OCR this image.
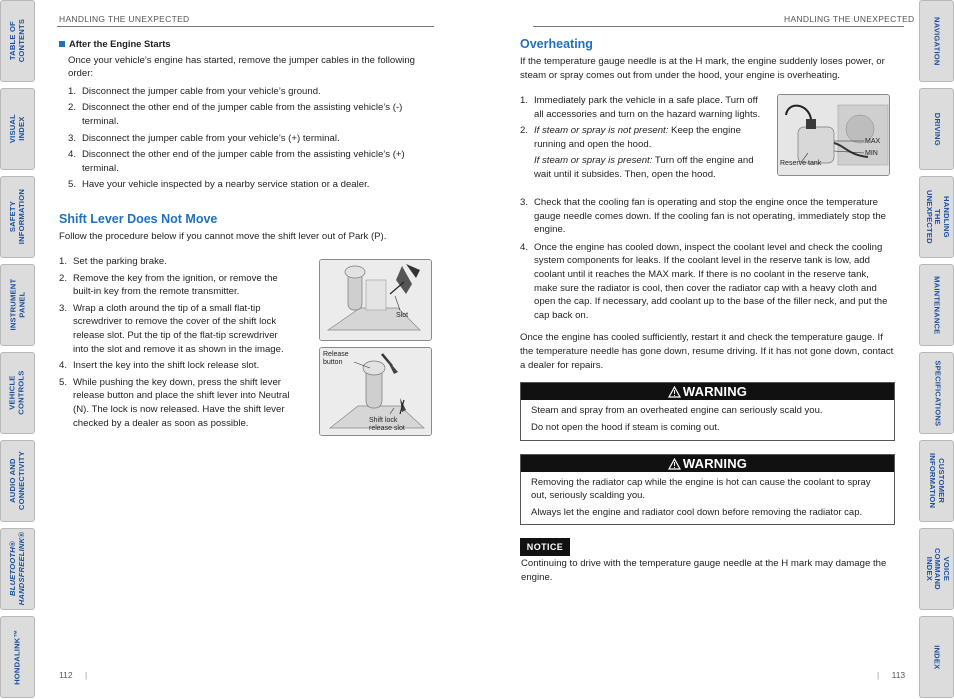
TABLE OF CONTENTS
VISUAL INDEX
SAFETY
INFORMATION
INSTRUMENT PANEL
VEHICLE
CONTROLS
AUDIO AND
CONNECTIVITY
BLUETOOTH®
HANDSFREELINK®
HONDALINK™
NAVIGATION
DRIVING
HANDLING THE
UNEXPECTED
MAINTENANCE
SPECIFICATIONS
CUSTOMER
INFORMATION
VOICE COMMAND
INDEX
INDEX
HANDLING THE UNEXPECTED
After the Engine Starts

Once your vehicle’s engine has started, remove the jumper cables in the following order:

1. Disconnect the jumper cable from your vehicle’s ground.
2. Disconnect the other end of the jumper cable from the assisting vehicle’s (-) terminal.
3. Disconnect the jumper cable from your vehicle’s (+) terminal.
4. Disconnect the other end of the jumper cable from the assisting vehicle’s (+) terminal.
5. Have your vehicle inspected by a nearby service station or a dealer.
Shift Lever Does Not Move

Follow the procedure below if you cannot move the shift lever out of Park (P).

1. Set the parking brake.
2. Remove the key from the ignition, or remove the built-in key from the remote transmitter.
3. Wrap a cloth around the tip of a small flat-tip screwdriver to remove the cover of the shift lock release slot. Put the tip of the flat-tip screwdriver into the slot and remove it as shown in the image.
4. Insert the key into the shift lock release slot.
5. While pushing the key down, press the shift lever release button and place the shift lever into Neutral (N). The lock is now released. Have the shift lever checked by a dealer as soon as possible.
Slot
Release
button
Shift lock
release slot
112 |
HANDLING THE UNEXPECTED
Overheating

If the temperature gauge needle is at the H mark, the engine suddenly loses power, or steam or spray comes out from under the hood, your engine is overheating.

1. Immediately park the vehicle in a safe place. Turn off all accessories and turn on the hazard warning lights.
2. If steam or spray is not present: Keep the engine running and open the hood.
If steam or spray is present: Turn off the engine and wait until it subsides. Then, open the hood.
MAX
MIN
Reserve tank
3. Check that the cooling fan is operating and stop the engine once the temperature gauge needle comes down. If the cooling fan is not operating, immediately stop the engine.
4. Once the engine has cooled down, inspect the coolant level and check the cooling system components for leaks. If the coolant level in the reserve tank is low, add coolant until it reaches the MAX mark. If there is no coolant in the reserve tank, make sure the radiator is cool, then cover the radiator cap with a heavy cloth and open the cap. If necessary, add coolant up to the base of the filler neck, and put the cap back on.

Once the engine has cooled sufficiently, restart it and check the temperature gauge. If the temperature needle has gone down, resume driving. If it has not gone down, contact a dealer for repairs.

WARNING

Steam and spray from an overheated engine can seriously scald you.

Do not open the hood if steam is coming out.

WARNING

Removing the radiator cap while the engine is hot can cause the coolant to spray out, seriously scalding you.

Always let the engine and radiator cool down before removing the radiator cap.

NOTICE

Continuing to drive with the temperature gauge needle at the H mark may damage the engine.

| 113
